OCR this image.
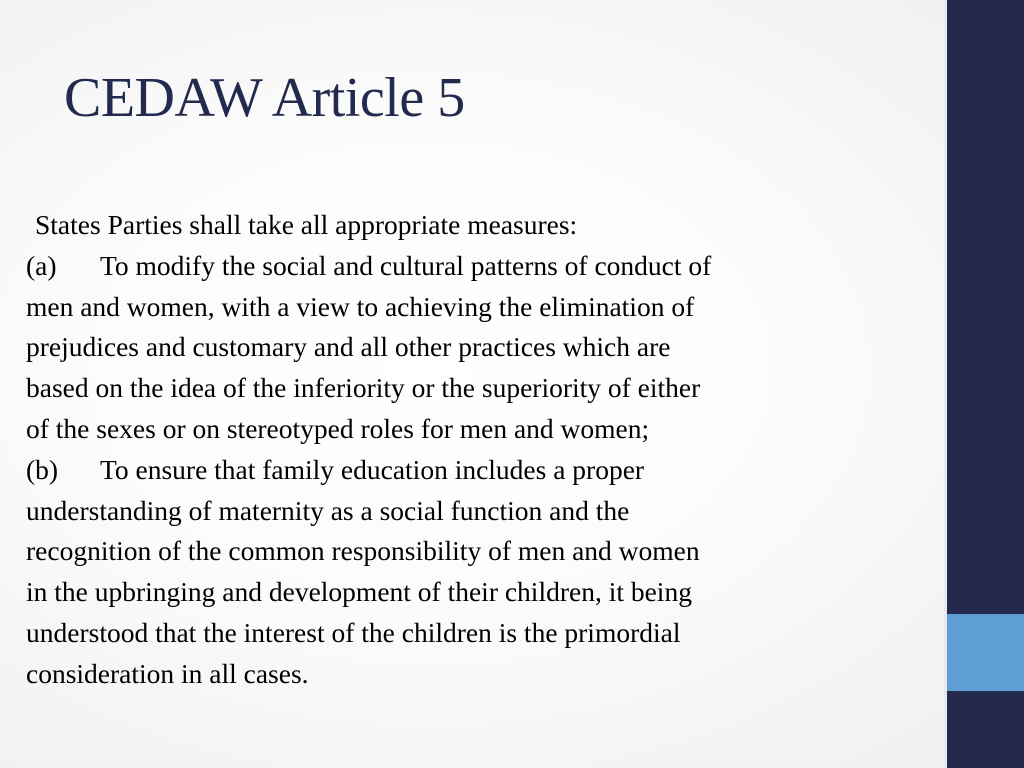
CEDAW Article 5
States Parties shall take all appropriate measures:
(a) To modify the social and cultural patterns of conduct of
men and women, with a view to achieving the elimination of
prejudices and customary and all other practices which are
based on the idea of the inferiority or the superiority of either
of the sexes or on stereotyped roles for men and women;
(b) To ensure that family education includes a proper
understanding of maternity as a social function and the
recognition of the common responsibility of men and women
in the upbringing and development of their children, it being
understood that the interest of the children is the primordial
consideration in all cases.
